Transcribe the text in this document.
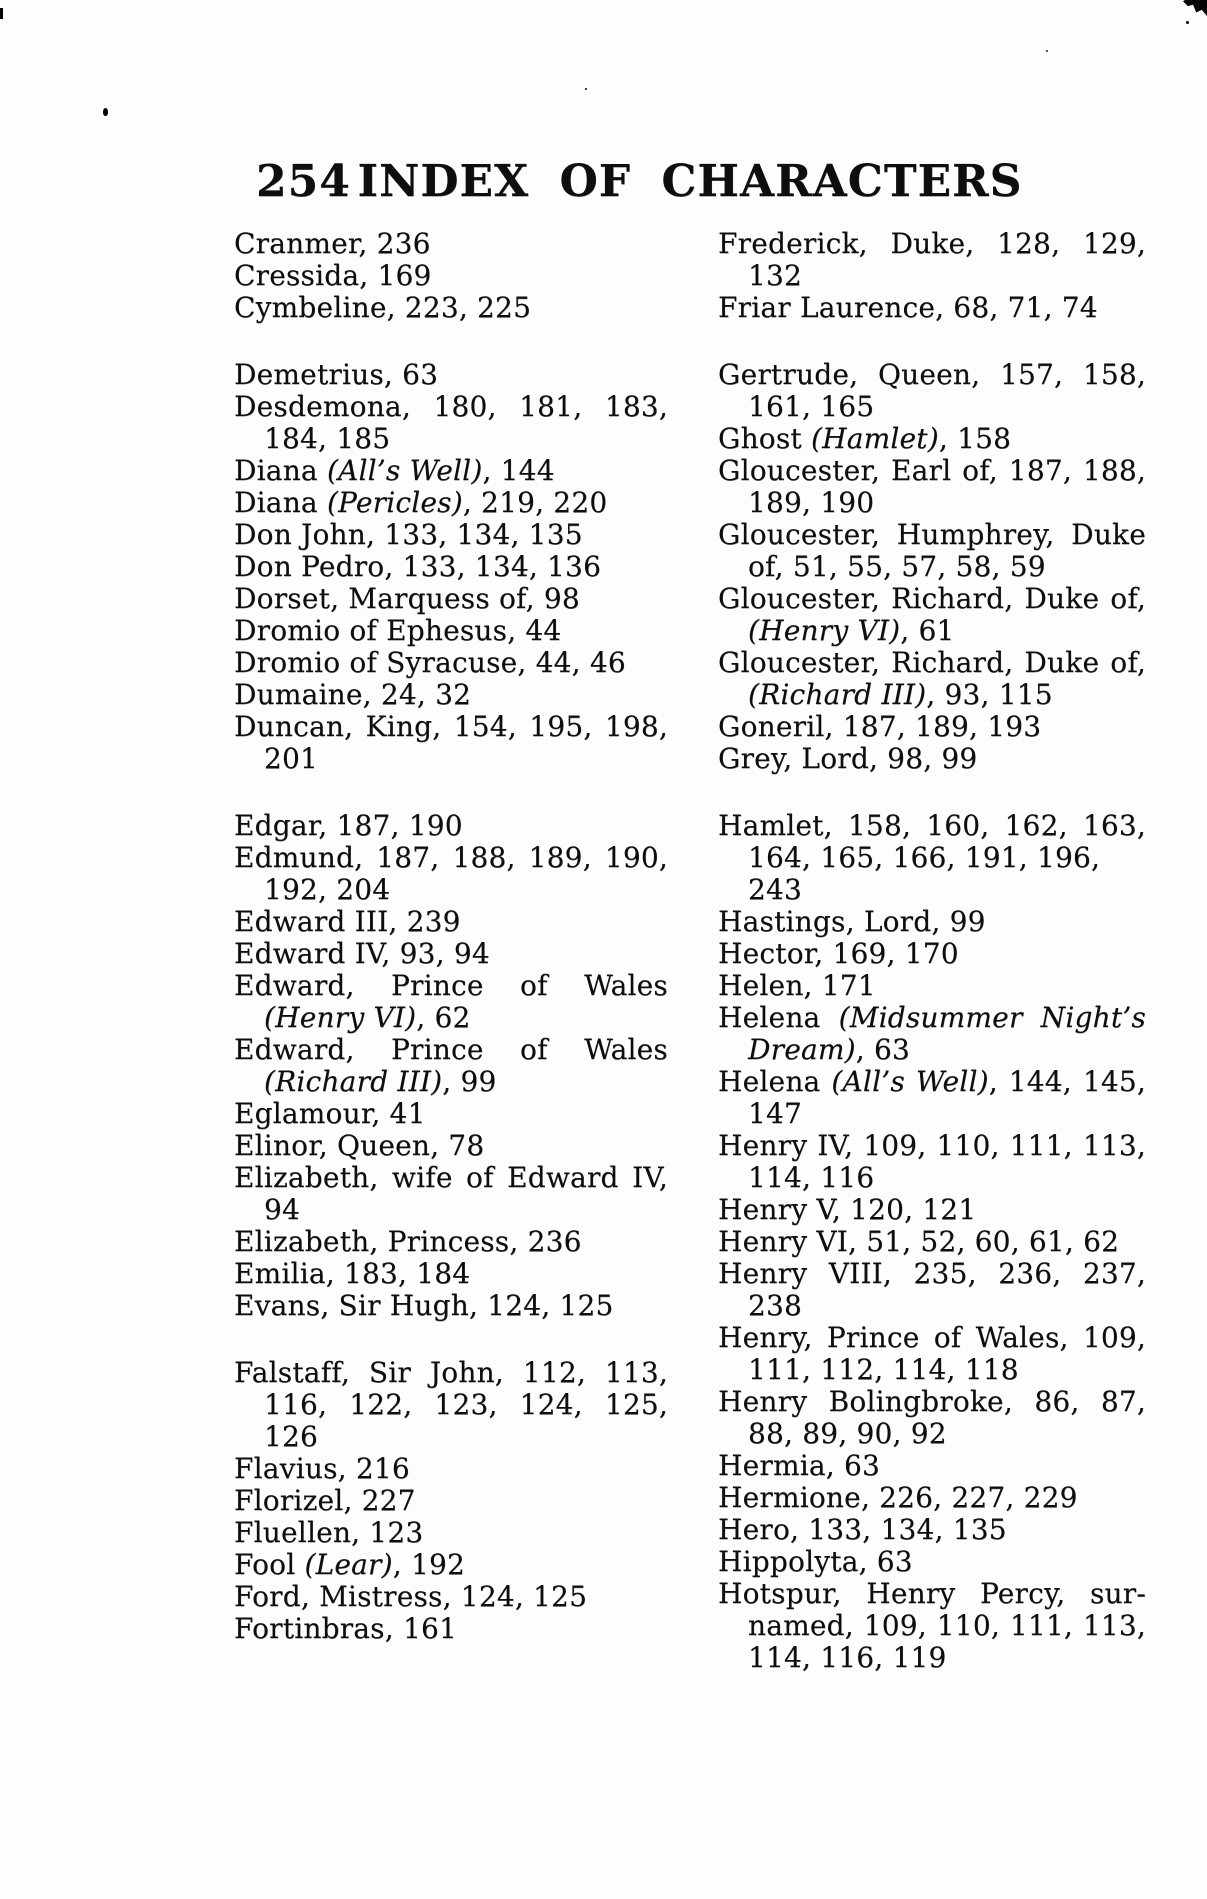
254 INDEX OF CHARACTERS
Cranmer, 236
Cressida, 169
Cymbeline, 223, 225
Demetrius, 63
Desdemona, 180, 181, 183,
184, 185
Diana (All’s Well), 144
Diana (Pericles), 219, 220
Don John, 133, 134, 135
Don Pedro, 133, 134, 136
Dorset, Marquess of, 98
Dromio of Ephesus, 44
Dromio of Syracuse, 44, 46
Dumaine, 24, 32
Duncan, King, 154, 195, 198,
201
Edgar, 187, 190
Edmund, 187, 188, 189, 190,
192, 204
Edward III, 239
Edward IV, 93, 94
Edward, Prince of Wales
(Henry VI), 62
Edward, Prince of Wales
(Richard III), 99
Eglamour, 41
Elinor, Queen, 78
Elizabeth, wife of Edward IV,
94
Elizabeth, Princess, 236
Emilia, 183, 184
Evans, Sir Hugh, 124, 125
Falstaff, Sir John, 112, 113,
116, 122, 123, 124, 125,
126
Flavius, 216
Florizel, 227
Fluellen, 123
Fool (Lear), 192
Ford, Mistress, 124, 125
Fortinbras, 161
Frederick, Duke, 128, 129,
132
Friar Laurence, 68, 71, 74
Gertrude, Queen, 157, 158,
161, 165
Ghost (Hamlet), 158
Gloucester, Earl of, 187, 188,
189, 190
Gloucester, Humphrey, Duke
of, 51, 55, 57, 58, 59
Gloucester, Richard, Duke of,
(Henry VI), 61
Gloucester, Richard, Duke of,
(Richard III), 93, 115
Goneril, 187, 189, 193
Grey, Lord, 98, 99
Hamlet, 158, 160, 162, 163,
164, 165, 166, 191, 196, 243
Hastings, Lord, 99
Hector, 169, 170
Helen, 171
Helena (Midsummer Night’s
Dream), 63
Helena (All’s Well), 144, 145,
147
Henry IV, 109, 110, 111, 113,
114, 116
Henry V, 120, 121
Henry VI, 51, 52, 60, 61, 62
Henry VIII, 235, 236, 237,
238
Henry, Prince of Wales, 109,
111, 112, 114, 118
Henry Bolingbroke, 86, 87,
88, 89, 90, 92
Hermia, 63
Hermione, 226, 227, 229
Hero, 133, 134, 135
Hippolyta, 63
Hotspur, Henry Percy, sur-
named, 109, 110, 111, 113,
114, 116, 119
